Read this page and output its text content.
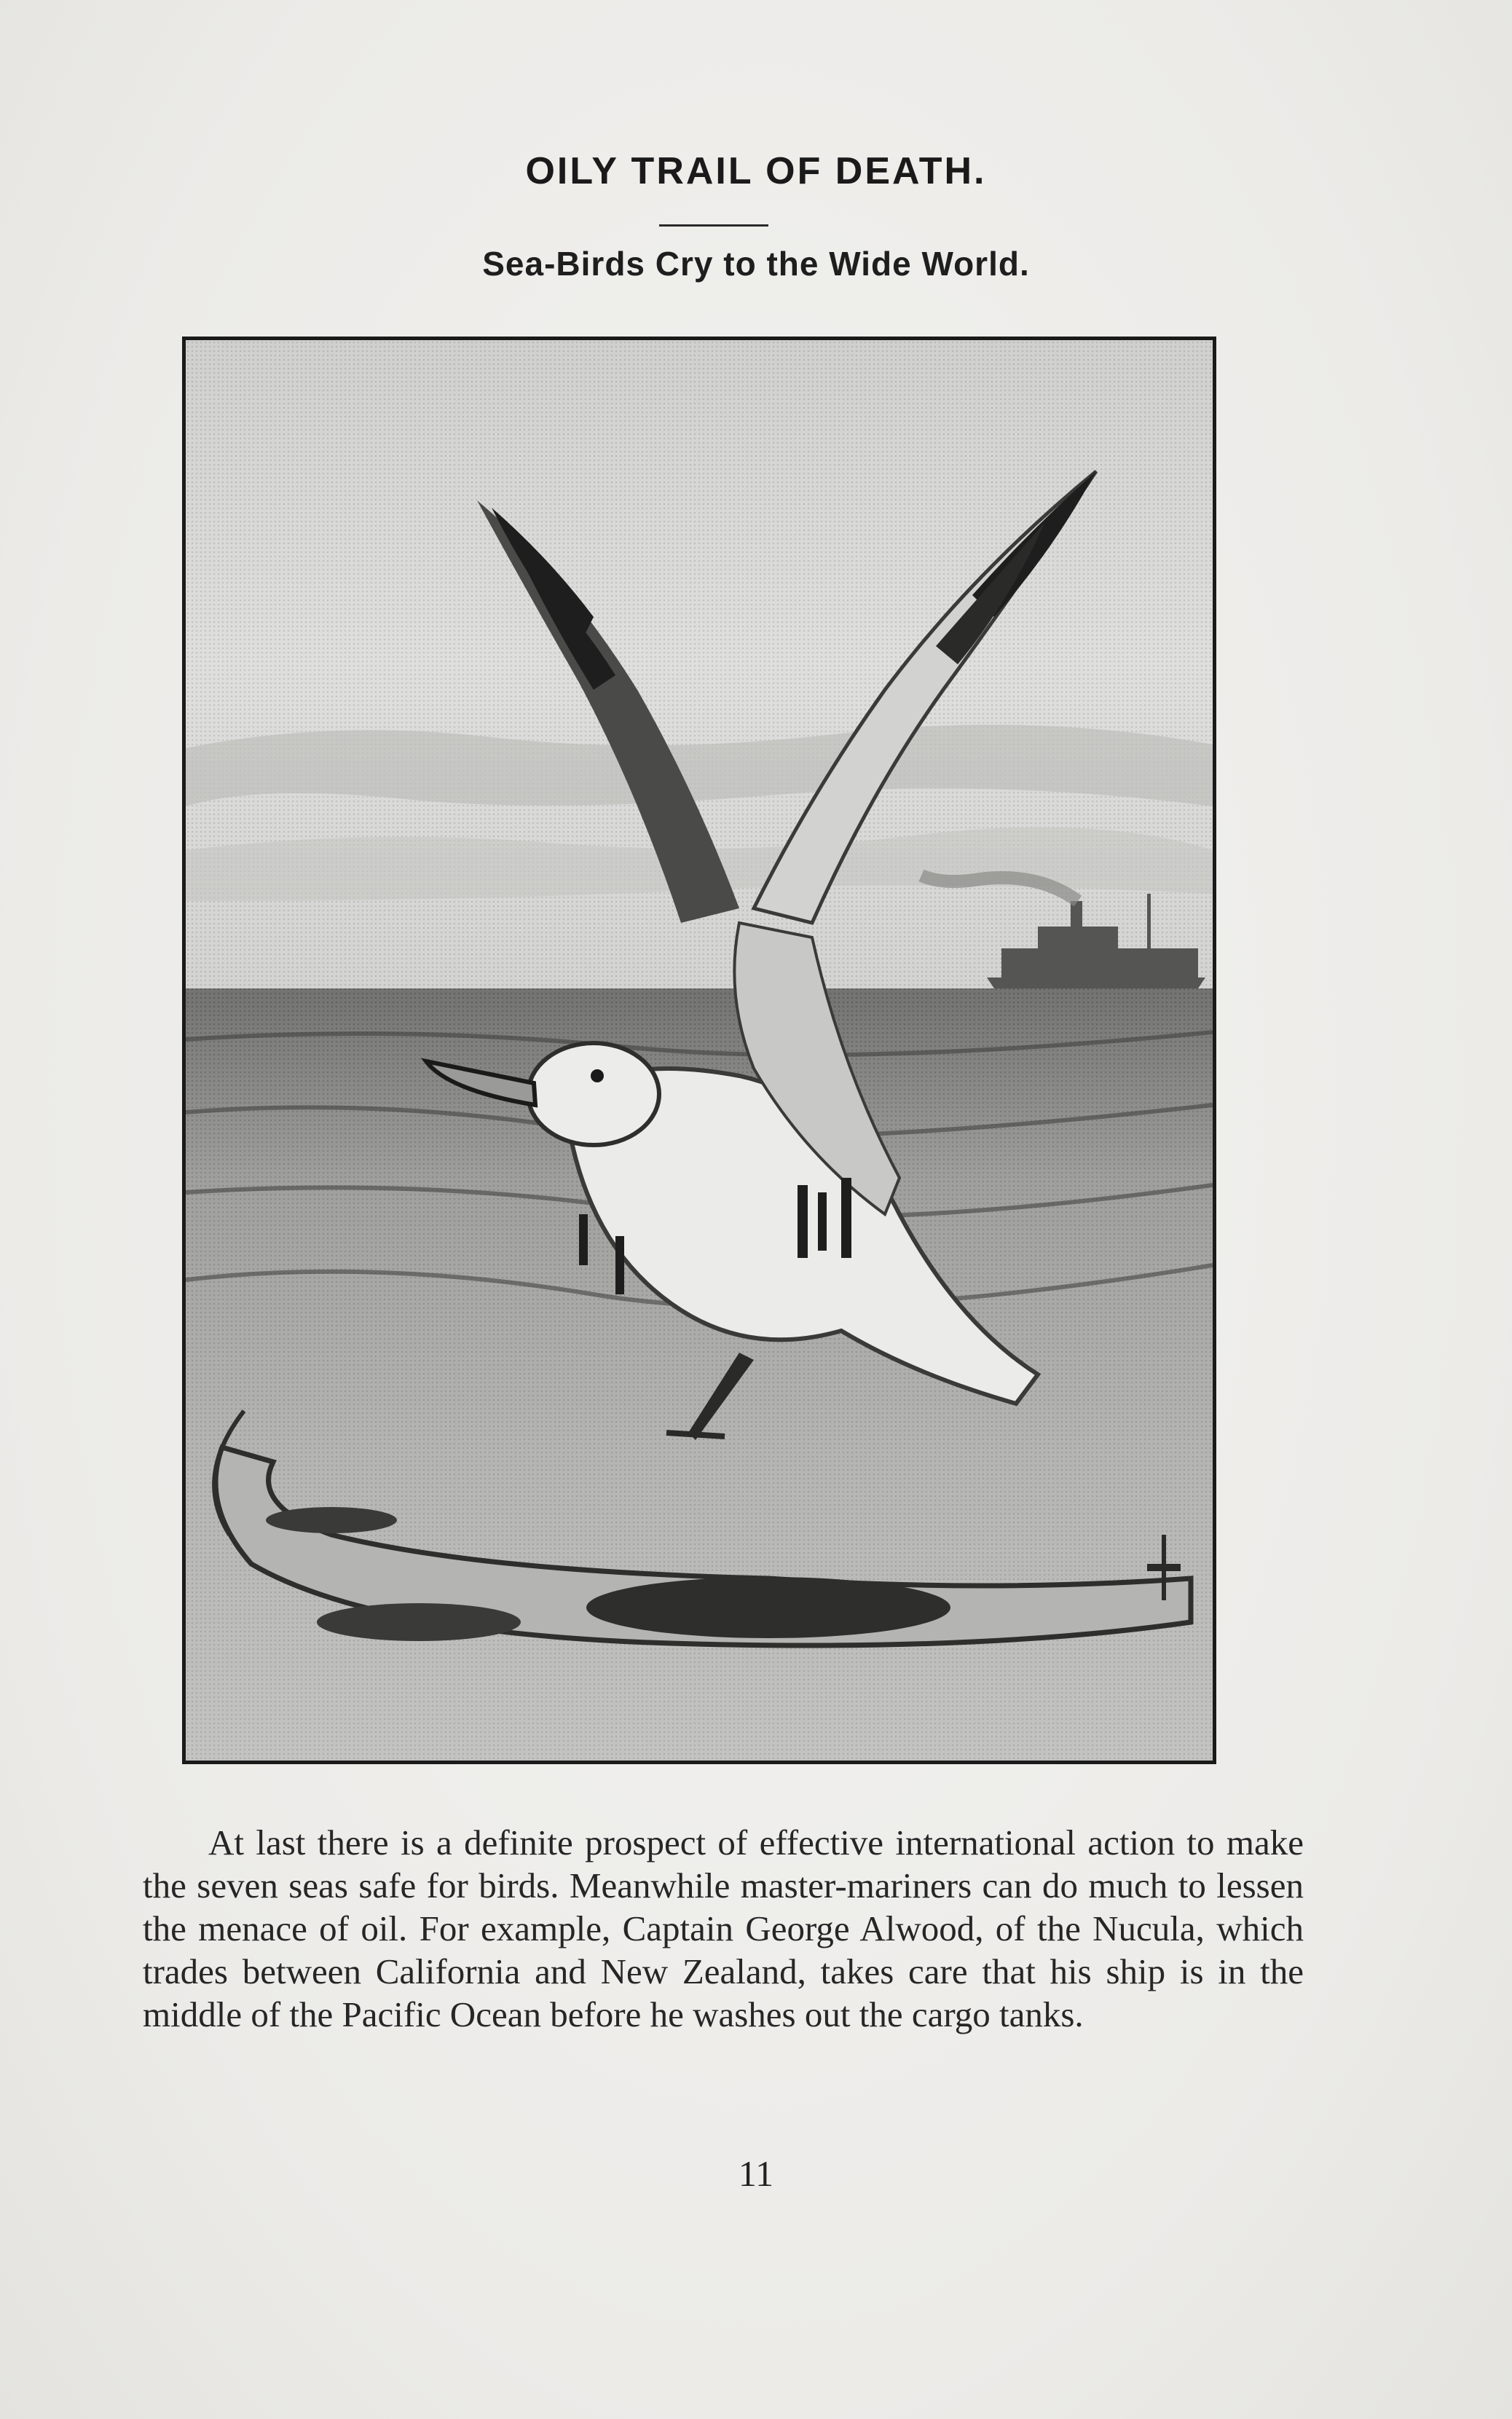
OILY TRAIL OF DEATH.
Sea-Birds Cry to the Wide World.

At last there is a definite prospect of effective international action to make the seven seas safe for birds. Meanwhile master-mariners can do much to lessen the menace of oil. For example, Captain George Alwood, of the Nucula, which trades between California and New Zealand, takes care that his ship is in the middle of the Pacific Ocean before he washes out the cargo tanks.

11
